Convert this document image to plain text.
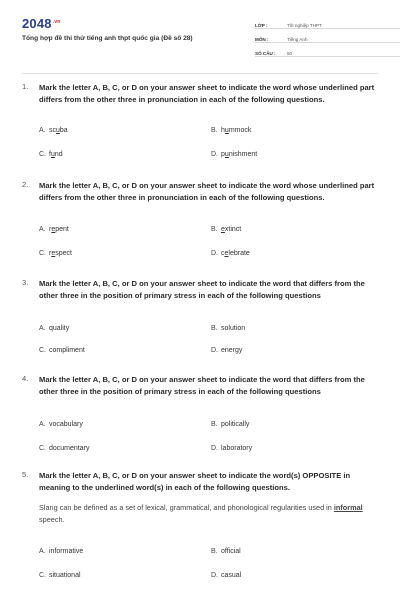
$2048^{.vn}$
Tổng hợp đề thi thử tiếng anh thpt quốc gia (Đề số 28)
LỚP :	Tốt nghiệp THPT
MÔN :	Tiếng Anh
SỐ CÂU :	50
1.	Mark the letter A, B, C, or D on your answer sheet to indicate the word whose underlined part differs from the other three in pronunciation in each of the following questions.
A. scuba	B. hummock
C. fund	D. punishment
2.	Mark the letter A, B, C, or D on your answer sheet to indicate the word whose underlined part differs from the other three in pronunciation in each of the following questions.
A. repent	B. extinct
C. respect	D. celebrate
3.	Mark the letter A, B, C, or D on your answer sheet to indicate the word that differs from the other three in the position of primary stress in each of the following questions
A. quality	B. solution
C. compliment	D. energy
4.	Mark the letter A, B, C, or D on your answer sheet to indicate the word that differs from the other three in the position of primary stress in each of the following questions
A. vocabulary	B. politically
C. documentary	D. laboratory
5.	Mark the letter A, B, C, or D on your answer sheet to indicate the word(s) OPPOSITE in meaning to the underlined word(s) in each of the following questions.
Slang can be defined as a set of lexical, grammatical, and phonological regularities used in informal speech.
A. informative	B. official
C. situational	D. casual
